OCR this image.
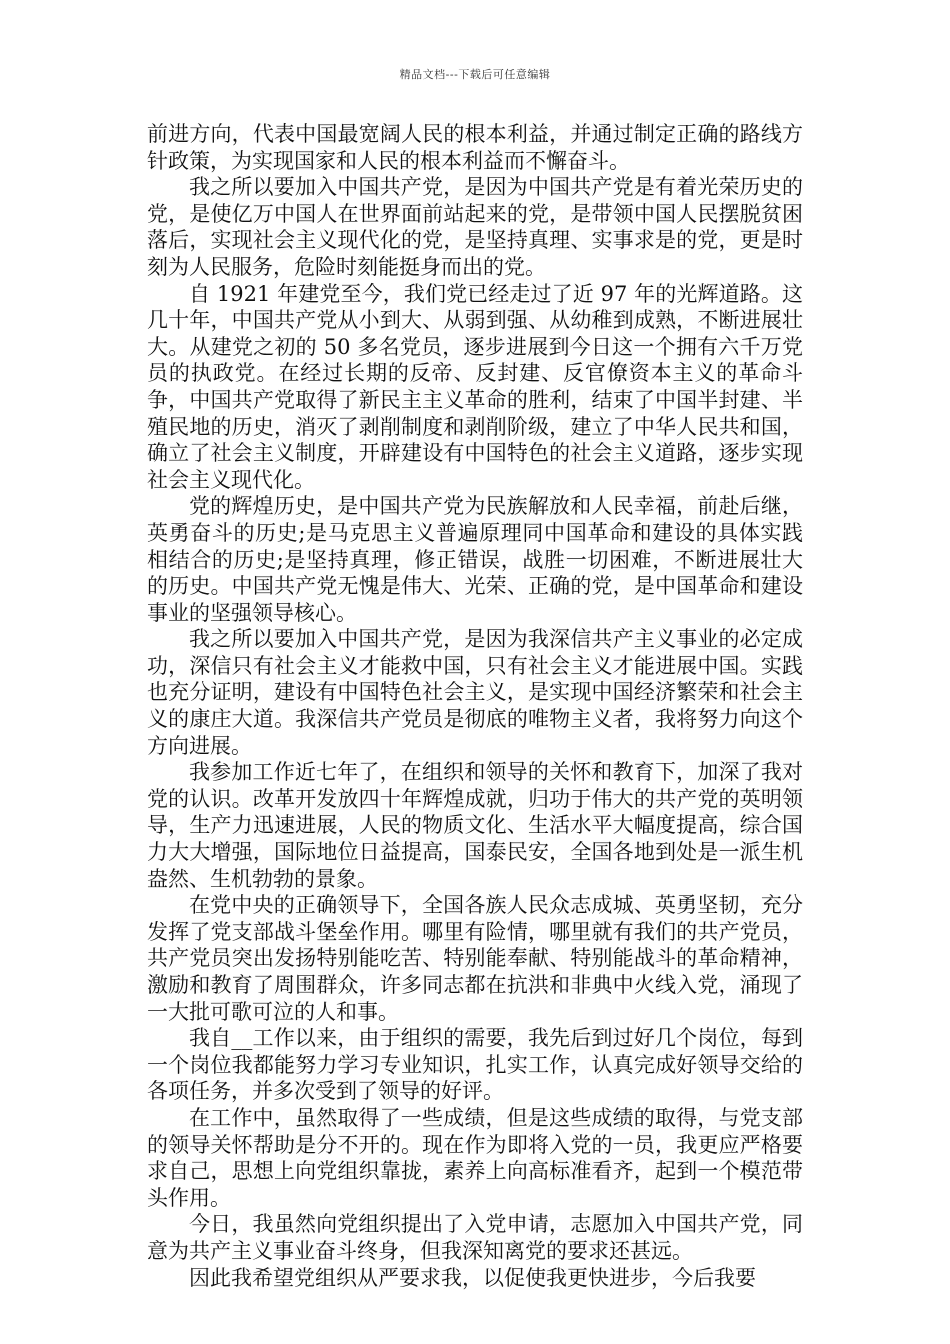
精品文档---下载后可任意编辑

前进方向，代表中国最宽阔人民的根本利益，并通过制定正确的路线方针政策，为实现国家和人民的根本利益而不懈奋斗。

我之所以要加入中国共产党，是因为中国共产党是有着光荣历史的党，是使亿万中国人在世界面前站起来的党，是带领中国人民摆脱贫困落后，实现社会主义现代化的党，是坚持真理、实事求是的党，更是时刻为人民服务，危险时刻能挺身而出的党。

自 1921 年建党至今，我们党已经走过了近 97 年的光辉道路。这几十年，中国共产党从小到大、从弱到强、从幼稚到成熟，不断进展壮大。从建党之初的 50 多名党员，逐步进展到今日这一个拥有六千万党员的执政党。在经过长期的反帝、反封建、反官僚资本主义的革命斗争，中国共产党取得了新民主主义革命的胜利，结束了中国半封建、半殖民地的历史，消灭了剥削制度和剥削阶级，建立了中华人民共和国，确立了社会主义制度，开辟建设有中国特色的社会主义道路，逐步实现社会主义现代化。

党的辉煌历史，是中国共产党为民族解放和人民幸福，前赴后继，英勇奋斗的历史;是马克思主义普遍原理同中国革命和建设的具体实践相结合的历史;是坚持真理，修正错误，战胜一切困难，不断进展壮大的历史。中国共产党无愧是伟大、光荣、正确的党，是中国革命和建设事业的坚强领导核心。

我之所以要加入中国共产党，是因为我深信共产主义事业的必定成功，深信只有社会主义才能救中国，只有社会主义才能进展中国。实践也充分证明，建设有中国特色社会主义，是实现中国经济繁荣和社会主义的康庄大道。我深信共产党员是彻底的唯物主义者，我将努力向这个方向进展。

我参加工作近七年了，在组织和领导的关怀和教育下，加深了我对党的认识。改革开发放四十年辉煌成就，归功于伟大的共产党的英明领导，生产力迅速进展，人民的物质文化、生活水平大幅度提高，综合国力大大增强，国际地位日益提高，国泰民安，全国各地到处是一派生机盎然、生机勃勃的景象。

在党中央的正确领导下，全国各族人民众志成城、英勇坚韧，充分发挥了党支部战斗堡垒作用。哪里有险情，哪里就有我们的共产党员，共产党员突出发扬特别能吃苦、特别能奉献、特别能战斗的革命精神，激励和教育了周围群众，许多同志都在抗洪和非典中火线入党，涌现了一大批可歌可泣的人和事。

我自__工作以来，由于组织的需要，我先后到过好几个岗位，每到一个岗位我都能努力学习专业知识，扎实工作，认真完成好领导交给的各项任务，并多次受到了领导的好评。

在工作中，虽然取得了一些成绩，但是这些成绩的取得，与党支部的领导关怀帮助是分不开的。现在作为即将入党的一员，我更应严格要求自己，思想上向党组织靠拢，素养上向高标准看齐，起到一个模范带头作用。

今日，我虽然向党组织提出了入党申请，志愿加入中国共产党，同意为共产主义事业奋斗终身，但我深知离党的要求还甚远。

因此我希望党组织从严要求我，以促使我更快进步，今后我要
